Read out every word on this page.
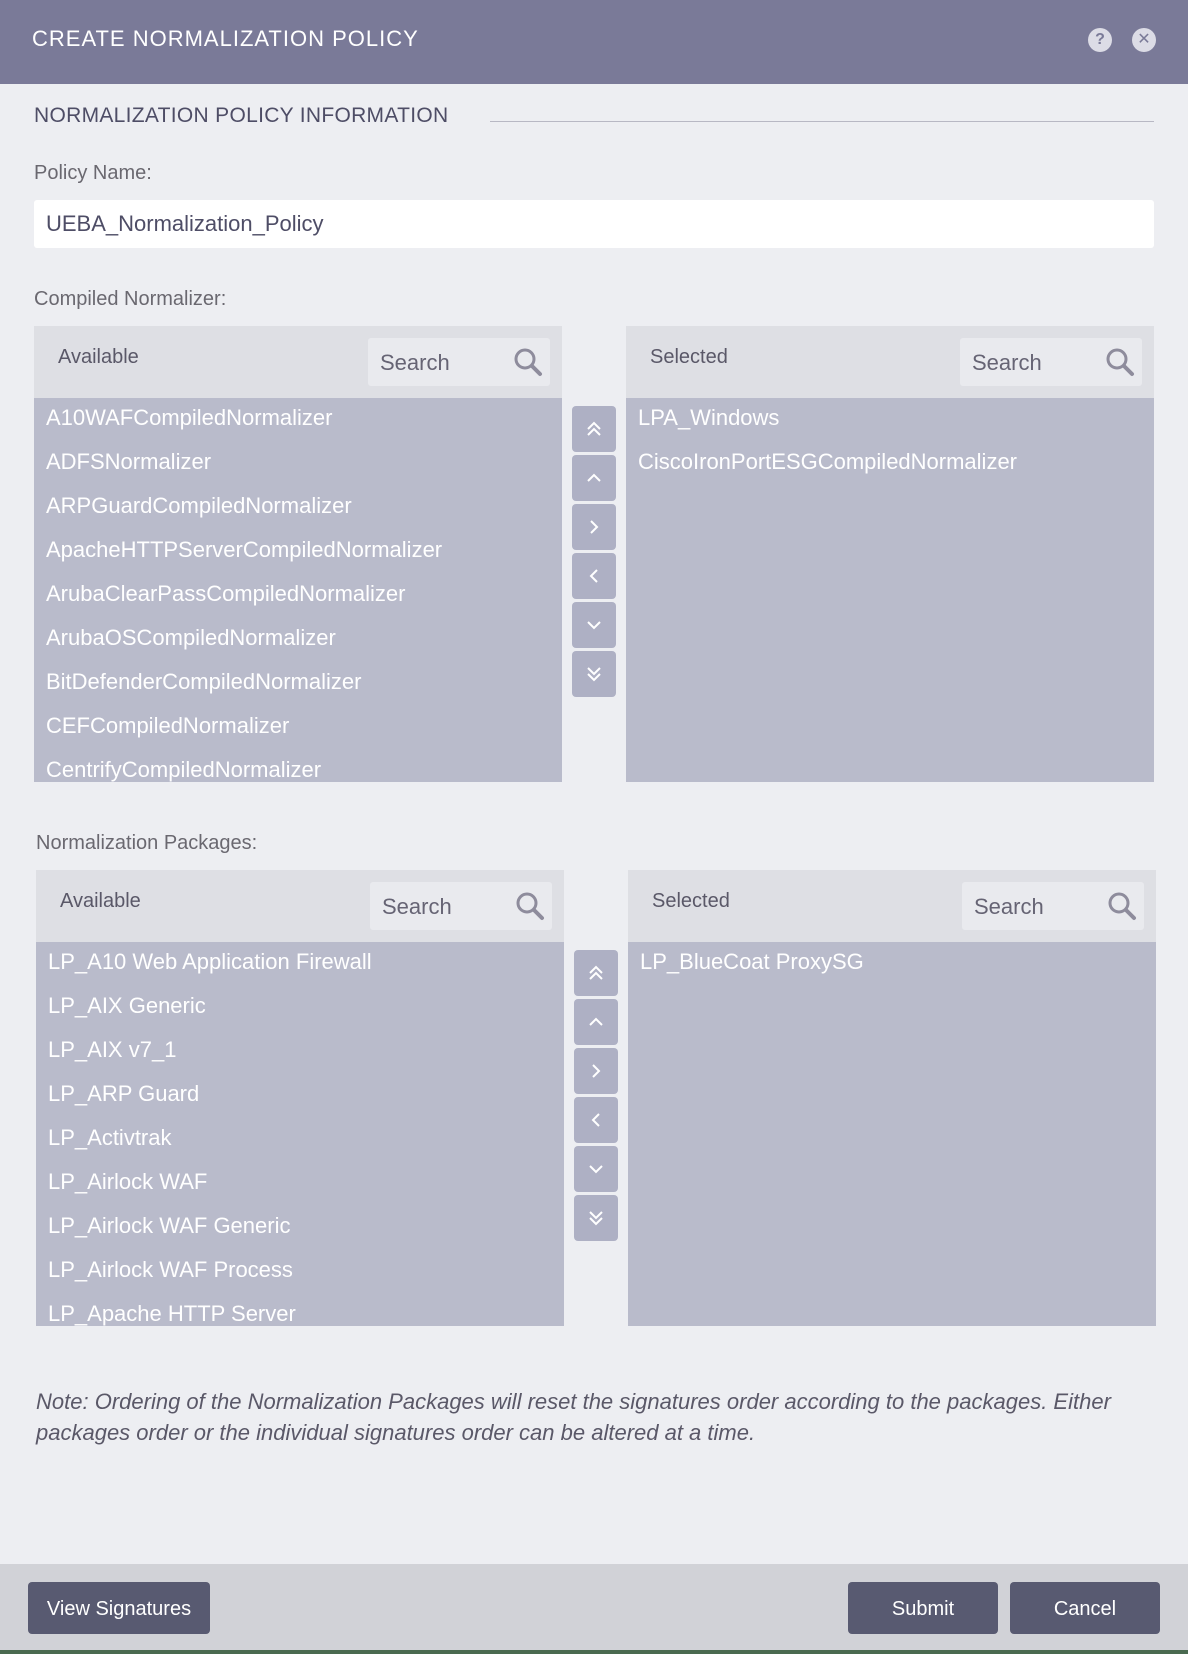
CREATE NORMALIZATION POLICY	?	✕
NORMALIZATION POLICY INFORMATION
Policy Name:
UEBA_Normalization_Policy
Compiled Normalizer:
Available	Search
A10WAFCompiledNormalizer
ADFSNormalizer
ARPGuardCompiledNormalizer
ApacheHTTPServerCompiledNormalizer
ArubaClearPassCompiledNormalizer
ArubaOSCompiledNormalizer
BitDefenderCompiledNormalizer
CEFCompiledNormalizer
CentrifyCompiledNormalizer
Selected	Search
LPA_Windows
CiscoIronPortESGCompiledNormalizer
Normalization Packages:
Available	Search
LP_A10 Web Application Firewall
LP_AIX Generic
LP_AIX v7_1
LP_ARP Guard
LP_Activtrak
LP_Airlock WAF
LP_Airlock WAF Generic
LP_Airlock WAF Process
LP_Apache HTTP Server
Selected	Search
LP_BlueCoat ProxySG
Note: Ordering of the Normalization Packages will reset the signatures order according to the packages. Either packages order or the individual signatures order can be altered at a time.
View Signatures	Submit	Cancel
